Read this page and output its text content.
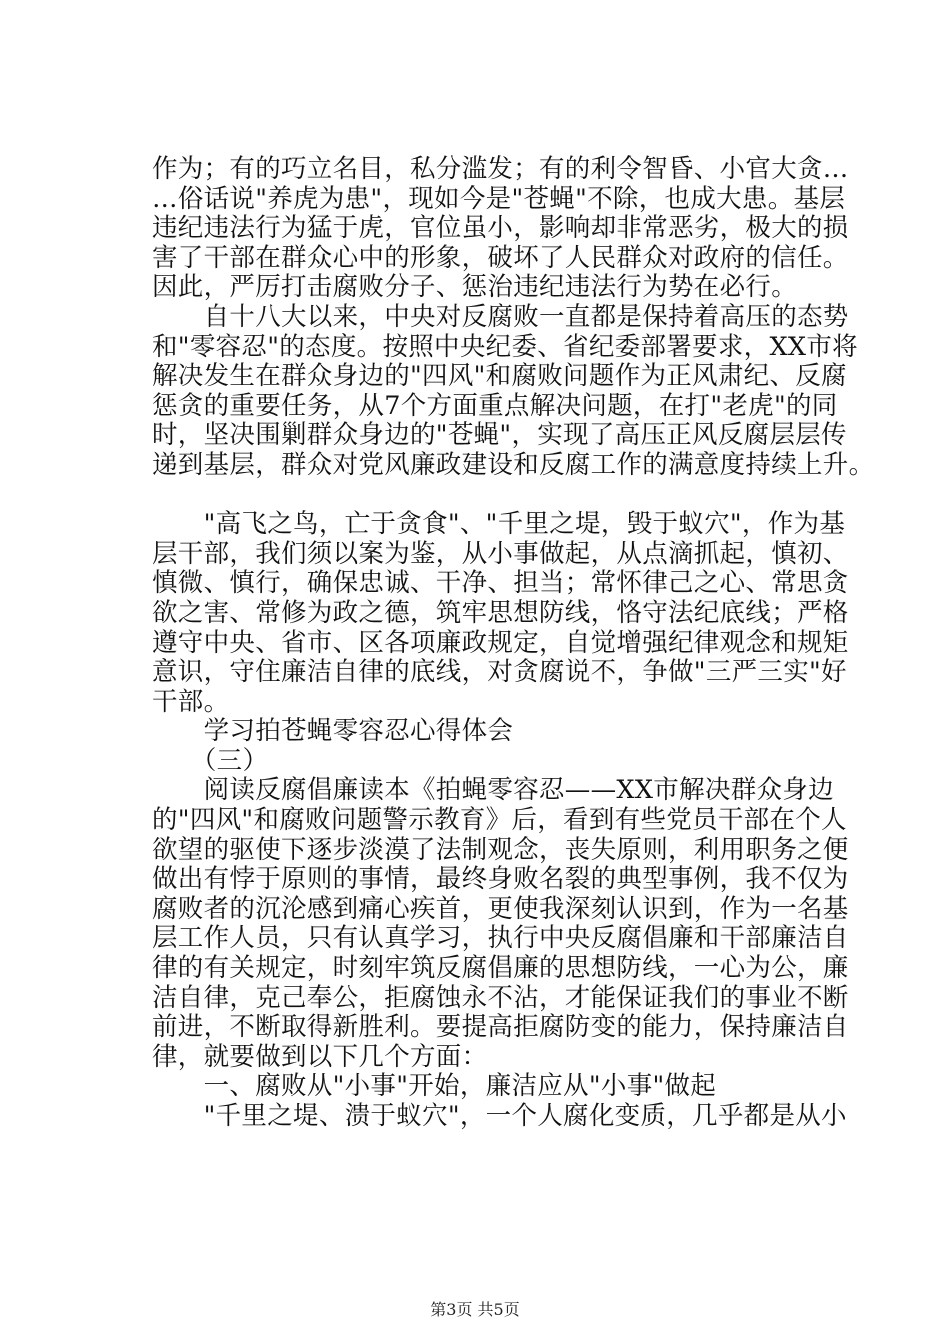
作为；有的巧立名目，私分滥发；有的利令智昏、小官大贪…
…俗话说"养虎为患"，现如今是"苍蝇"不除，也成大患。基层
违纪违法行为猛于虎，官位虽小，影响却非常恶劣，极大的损
害了干部在群众心中的形象，破坏了人民群众对政府的信任。
因此，严厉打击腐败分子、惩治违纪违法行为势在必行。
　　自十八大以来，中央对反腐败一直都是保持着高压的态势
和"零容忍"的态度。按照中央纪委、省纪委部署要求，XX市将
解决发生在群众身边的"四风"和腐败问题作为正风肃纪、反腐
惩贪的重要任务，从7个方面重点解决问题，在打"老虎"的同
时，坚决围剿群众身边的"苍蝇"，实现了高压正风反腐层层传
递到基层，群众对党风廉政建设和反腐工作的满意度持续上升。
　　"高飞之鸟，亡于贪食"、"千里之堤，毁于蚁穴"，作为基
层干部，我们须以案为鉴，从小事做起，从点滴抓起，慎初、
慎微、慎行，确保忠诚、干净、担当；常怀律己之心、常思贪
欲之害、常修为政之德，筑牢思想防线，恪守法纪底线；严格
遵守中央、省市、区各项廉政规定，自觉增强纪律观念和规矩
意识，守住廉洁自律的底线，对贪腐说不，争做"三严三实"好
干部。
　　学习拍苍蝇零容忍心得体会
　　（三）
　　阅读反腐倡廉读本《拍蝇零容忍——XX市解决群众身边
的"四风"和腐败问题警示教育》后，看到有些党员干部在个人
欲望的驱使下逐步淡漠了法制观念，丧失原则，利用职务之便
做出有悖于原则的事情，最终身败名裂的典型事例，我不仅为
腐败者的沉沦感到痛心疾首，更使我深刻认识到，作为一名基
层工作人员，只有认真学习，执行中央反腐倡廉和干部廉洁自
律的有关规定，时刻牢筑反腐倡廉的思想防线，一心为公，廉
洁自律，克己奉公，拒腐蚀永不沾，才能保证我们的事业不断
前进，不断取得新胜利。要提高拒腐防变的能力，保持廉洁自
律，就要做到以下几个方面：
　　一、腐败从"小事"开始，廉洁应从"小事"做起
　　"千里之堤、溃于蚁穴"，一个人腐化变质，几乎都是从小
第3页 共5页
